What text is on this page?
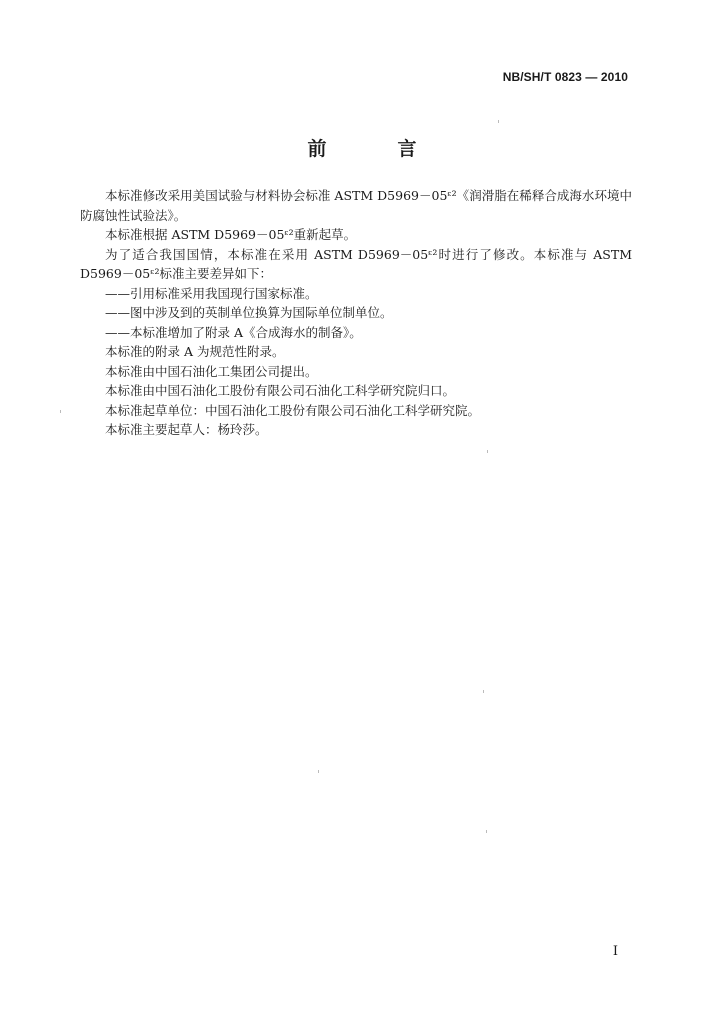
NB/SH/T 0823 — 2010
前　言

本标准修改采用美国试验与材料协会标准 ASTM D5969－05ᵋ²《润滑脂在稀释合成海水环境中防腐蚀性试验法》。

本标准根据 ASTM D5969－05ᵋ²重新起草。

为了适合我国国情，本标准在采用 ASTM D5969－05ᵋ²时进行了修改。本标准与 ASTM D5969－05ᵋ²标准主要差异如下：

——引用标准采用我国现行国家标准。

——图中涉及到的英制单位换算为国际单位制单位。

——本标准增加了附录 A《合成海水的制备》。

本标准的附录 A 为规范性附录。

本标准由中国石油化工集团公司提出。

本标准由中国石油化工股份有限公司石油化工科学研究院归口。

本标准起草单位：中国石油化工股份有限公司石油化工科学研究院。

本标准主要起草人：杨玲莎。

I
